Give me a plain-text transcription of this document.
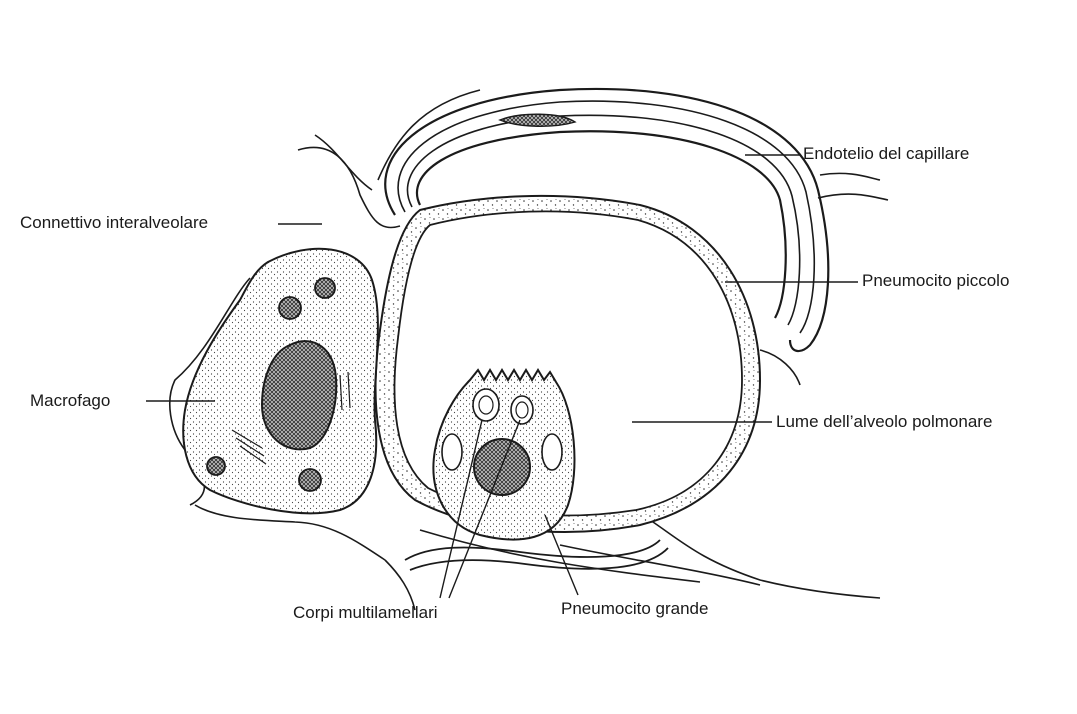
Endotelio del capillare
Connettivo interalveolare
Pneumocito piccolo
Macrofago
Lume dell’alveolo polmonare
Corpi multilamellari	Pneumocito grande
